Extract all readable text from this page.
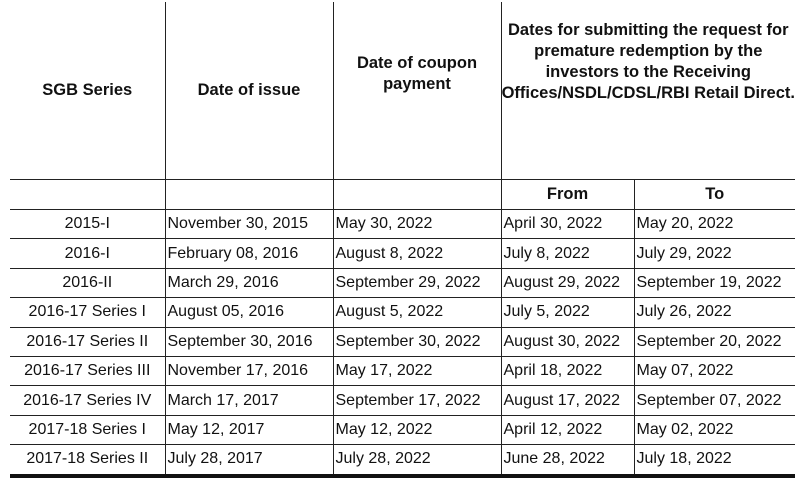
SGB Series	Date of issue	Date of coupon payment	Dates for submitting the request for premature redemption by the investors to the Receiving Offices/NSDL/CDSL/RBI Retail Direct.	
			From	To
2015-I	November 30, 2015	May 30, 2022	April 30, 2022	May 20, 2022
2016-I	February 08, 2016	August 8, 2022	July 8, 2022	July 29, 2022
2016-II	March 29, 2016	September 29, 2022	August 29, 2022	September 19, 2022
2016-17 Series I	August 05, 2016	August 5, 2022	July 5, 2022	July 26, 2022
2016-17 Series II	September 30, 2016	September 30, 2022	August 30, 2022	September 20, 2022
2016-17 Series III	November 17, 2016	May 17, 2022	April 18, 2022	May 07, 2022
2016-17 Series IV	March 17, 2017	September 17, 2022	August 17, 2022	September 07, 2022
2017-18 Series I	May 12, 2017	May 12, 2022	April 12, 2022	May 02, 2022
2017-18 Series II	July 28, 2017	July 28, 2022	June 28, 2022	July 18, 2022
